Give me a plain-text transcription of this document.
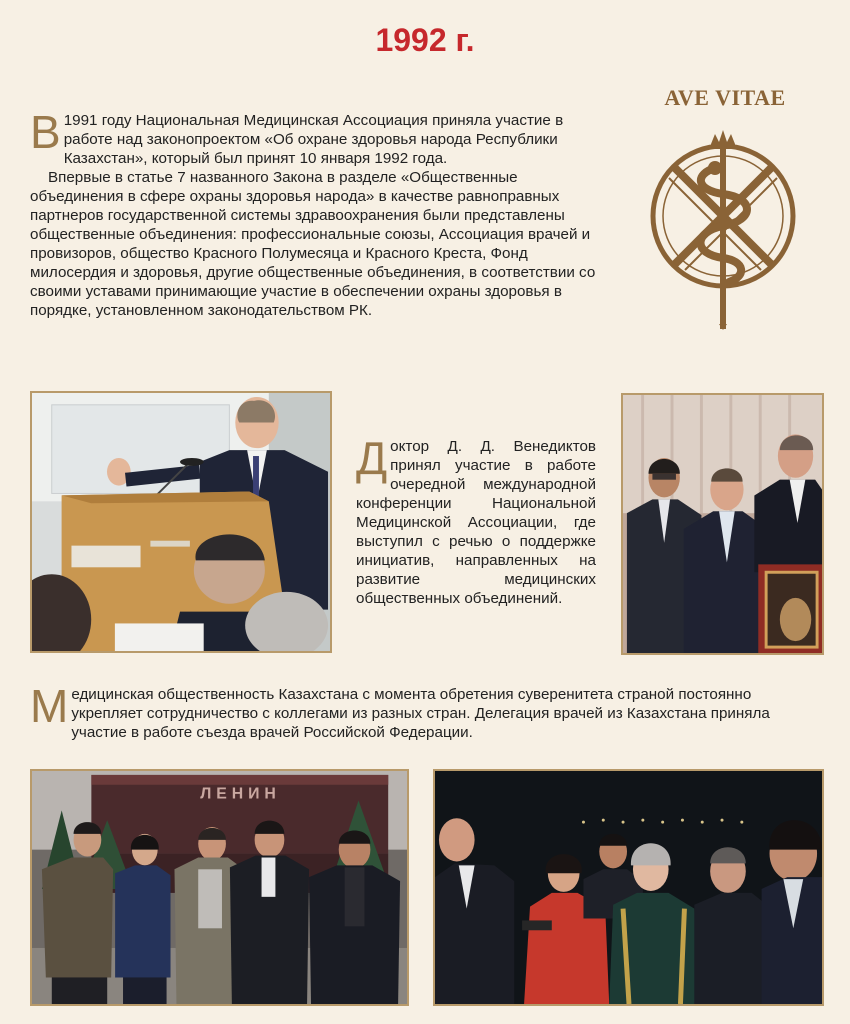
1992 г.

В 1991 году Национальная Медицинская Ассоциация приняла участие в работе над законопроектом «Об охране здоровья народа Республики Казахстан», который был принят 10 января 1992 года.

Впервые в статье 7 названного Закона в разделе «Общественные объединения в сфере охраны здоровья народа» в качестве равноправных партнеров государственной системы здравоохранения были представлены общественные объединения: профессиональные союзы, Ассоциация врачей и провизоров, общество Красного Полумесяца и Красного Креста, Фонд милосердия и здоровья, другие общественные объединения, в соответствии со своими уставами принимающие участие в обеспечении охраны здоровья в порядке, установленном законодательством РК.

AVE VITAE

Доктор Д. Д. Венедиктов принял участие в работе очередной международной конференции Национальной Медицинской Ассоциации, где выступил с речью о поддержке инициатив, направленных на развитие медицинских общественных объединений.

Медицинская общественность Казахстана с момента обретения суверенитета страной постоянно укрепляет сотрудничество с коллегами из разных стран. Делегация врачей из Казахстана приняла участие в работе съезда врачей Российской Федерации.

ЛЕНИН
